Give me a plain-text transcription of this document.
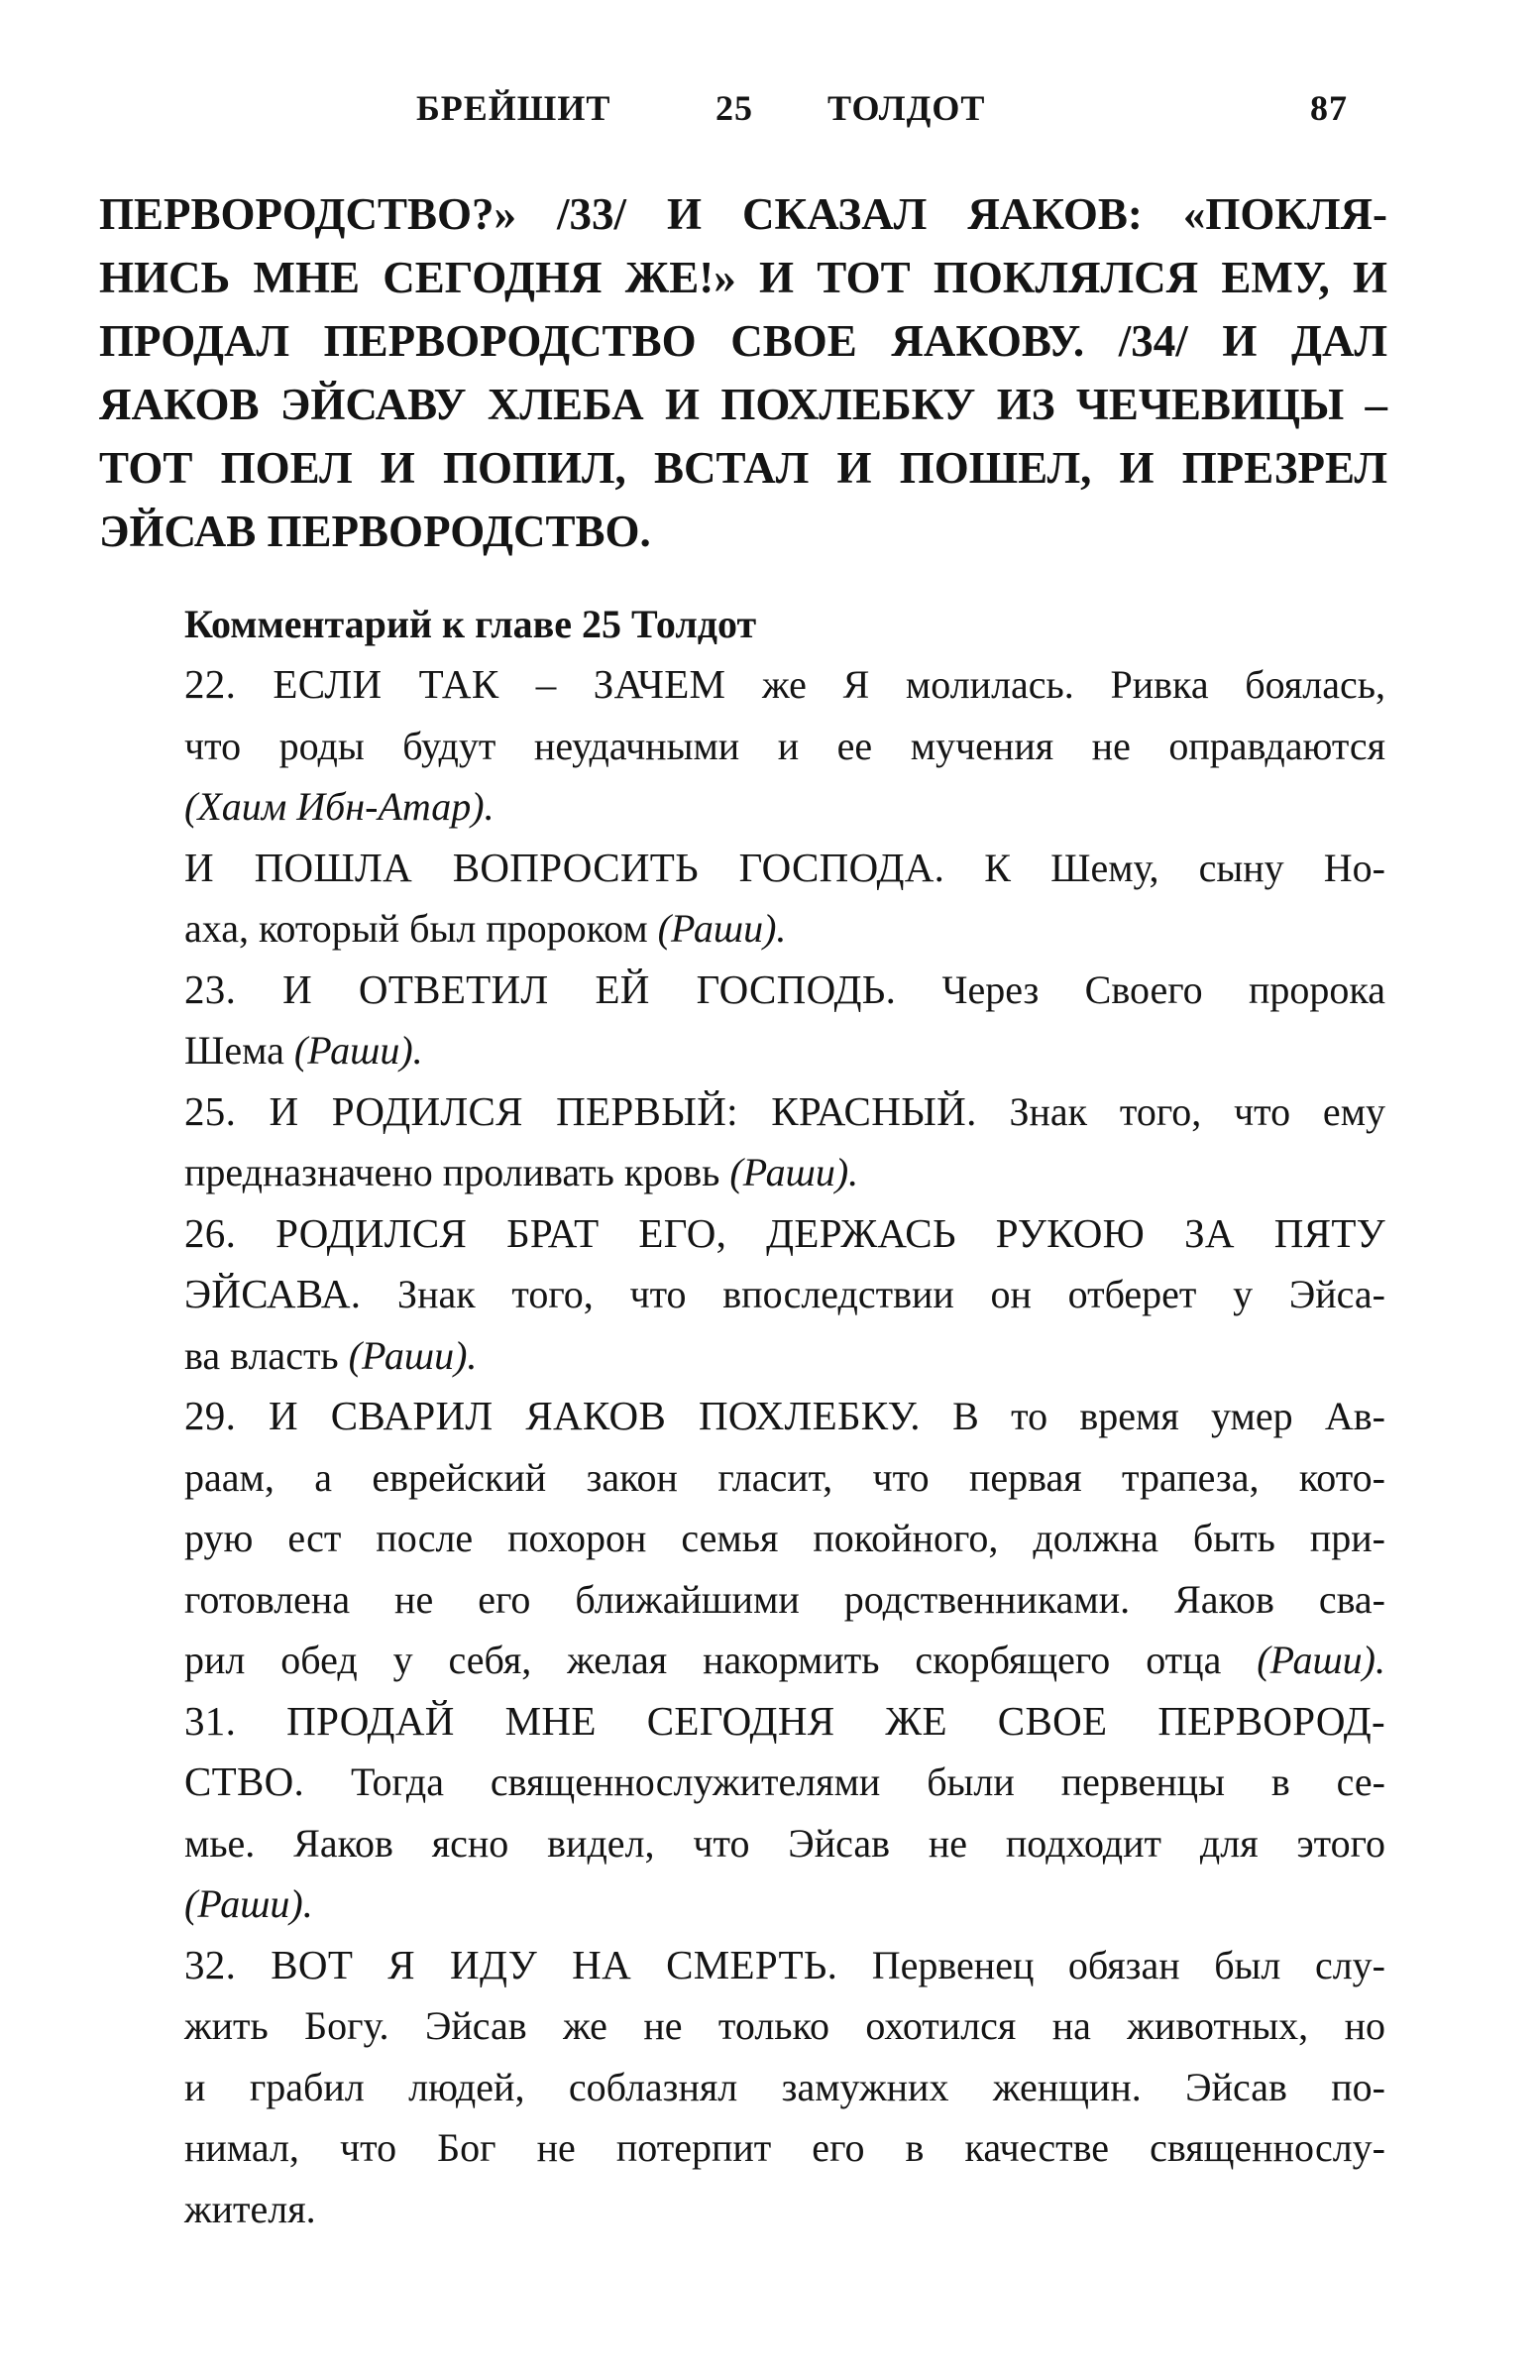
БРЕЙШИТ	25 ТОЛДОТ	87
ПЕРВОРОДСТВО?» /33/ И СКАЗАЛ ЯАКОВ: «ПОКЛЯ-
НИСЬ МНЕ СЕГОДНЯ ЖЕ!» И ТОТ ПОКЛЯЛСЯ ЕМУ, И
ПРОДАЛ ПЕРВОРОДСТВО СВОЕ ЯАКОВУ. /34/ И ДАЛ
ЯАКОВ ЭЙСАВУ ХЛЕБА И ПОХЛЕБКУ ИЗ ЧЕЧЕВИЦЫ –
ТОТ ПОЕЛ И ПОПИЛ, ВСТАЛ И ПОШЕЛ, И ПРЕЗРЕЛ
ЭЙСАВ ПЕРВОРОДСТВО.
Комментарий к главе 25 Толдот
22. ЕСЛИ ТАК – ЗАЧЕМ же Я молилась. Ривка боялась,
что роды будут неудачными и ее мучения не оправдаются
(Хаим Ибн-Атар).
И ПОШЛА ВОПРОСИТЬ ГОСПОДА. К Шему, сыну Но-
аха, который был пророком (Раши).
23. И ОТВЕТИЛ ЕЙ ГОСПОДЬ. Через Своего пророка
Шема (Раши).
25. И РОДИЛСЯ ПЕРВЫЙ: КРАСНЫЙ. Знак того, что ему
предназначено проливать кровь (Раши).
26. РОДИЛСЯ БРАТ ЕГО, ДЕРЖАСЬ РУКОЮ ЗА ПЯТУ
ЭЙСАВА. Знак того, что впоследствии он отберет у Эйса-
ва власть (Раши).
29. И СВАРИЛ ЯАКОВ ПОХЛЕБКУ. В то время умер Ав-
раам, а еврейский закон гласит, что первая трапеза, кото-
рую ест после похорон семья покойного, должна быть при-
готовлена не его ближайшими родственниками. Яаков сва-
рил обед у себя, желая накормить скорбящего отца (Раши).
31. ПРОДАЙ МНЕ СЕГОДНЯ ЖЕ СВОЕ ПЕРВОРОД-
СТВО. Тогда священнослужителями были первенцы в се-
мье. Яаков ясно видел, что Эйсав не подходит для этого
(Раши).
32. ВОТ Я ИДУ НА СМЕРТЬ. Первенец обязан был слу-
жить Богу. Эйсав же не только охотился на животных, но
и грабил людей, соблазнял замужних женщин. Эйсав по-
нимал, что Бог не потерпит его в качестве священнослу-
жителя.
